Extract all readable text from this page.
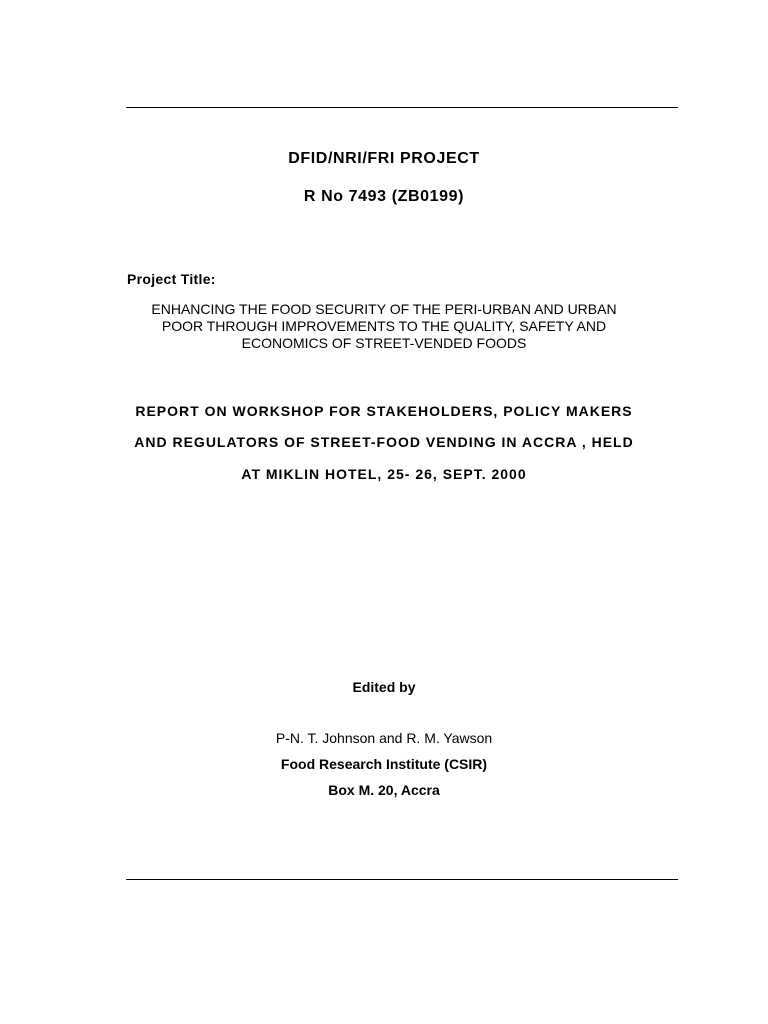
DFID/NRI/FRI PROJECT
R No 7493 (ZB0199)
Project Title:
ENHANCING THE FOOD SECURITY OF THE PERI-URBAN AND URBAN
POOR THROUGH IMPROVEMENTS TO THE QUALITY, SAFETY AND
ECONOMICS OF STREET-VENDED FOODS
REPORT ON WORKSHOP FOR STAKEHOLDERS, POLICY MAKERS
AND REGULATORS OF STREET-FOOD VENDING IN ACCRA , HELD
AT MIKLIN HOTEL, 25- 26, SEPT. 2000
Edited by
P-N. T. Johnson and R. M. Yawson
Food Research Institute (CSIR)
Box M. 20, Accra
